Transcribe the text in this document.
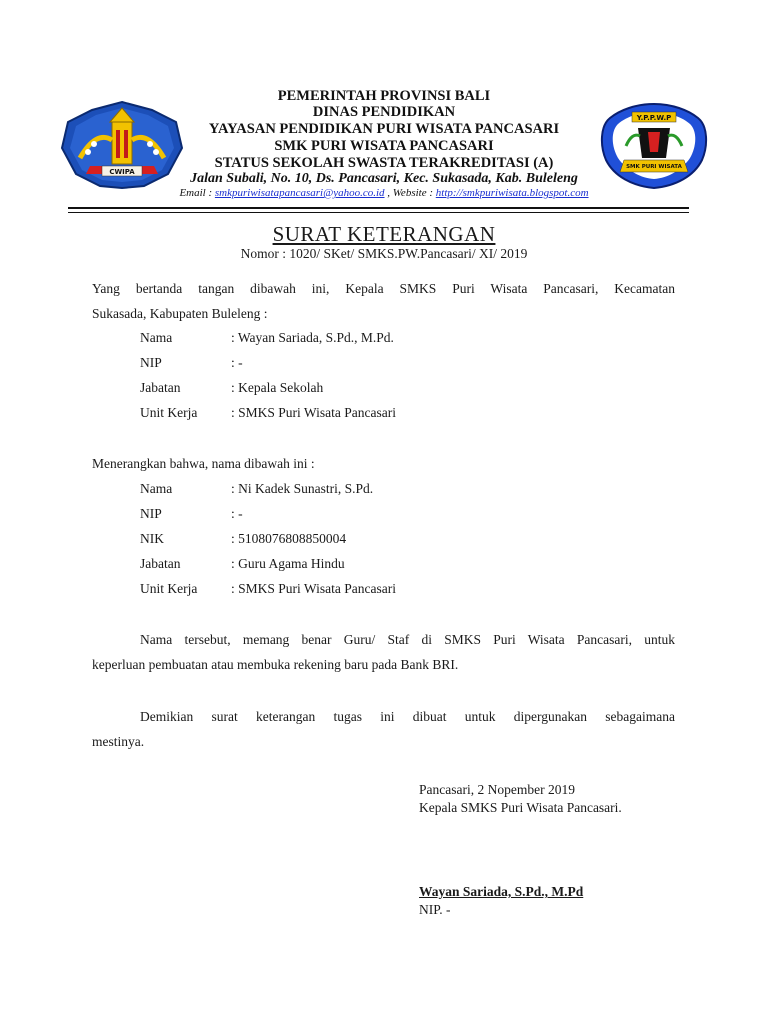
CWIPA
Y.P.P.W.P
SMK PURI WISATA
PEMERINTAH PROVINSI BALI
DINAS PENDIDIKAN
YAYASAN PENDIDIKAN PURI WISATA PANCASARI
SMK PURI WISATA PANCASARI
STATUS SEKOLAH SWASTA TERAKREDITASI (A)
Jalan Subali, No. 10, Ds. Pancasari, Kec. Sukasada, Kab. Buleleng
Email : smkpuriwisatapancasari@yahoo.co.id , Website : http://smkpuriwisata.blogspot.com
SURAT KETERANGAN
Nomor : 1020/ SKet/ SMKS.PW.Pancasari/ XI/ 2019
Yang bertanda tangan dibawah ini, Kepala SMKS Puri Wisata Pancasari, Kecamatan
Sukasada, Kabupaten Buleleng :
Nama	: Wayan Sariada, S.Pd., M.Pd.
NIP	: -
Jabatan	: Kepala Sekolah
Unit Kerja	: SMKS Puri Wisata Pancasari
Menerangkan bahwa, nama dibawah ini :
Nama	: Ni Kadek Sunastri, S.Pd.
NIP	: -
NIK	: 5108076808850004
Jabatan	: Guru Agama Hindu
Unit Kerja	: SMKS Puri Wisata Pancasari
Nama tersebut, memang benar Guru/ Staf di SMKS Puri Wisata Pancasari, untuk
keperluan pembuatan atau membuka rekening baru pada Bank BRI.
Demikian surat keterangan tugas ini dibuat untuk dipergunakan sebagaimana
mestinya.
Pancasari, 2 Nopember 2019
Kepala SMKS Puri Wisata Pancasari.
Wayan Sariada, S.Pd., M.Pd
NIP. -
